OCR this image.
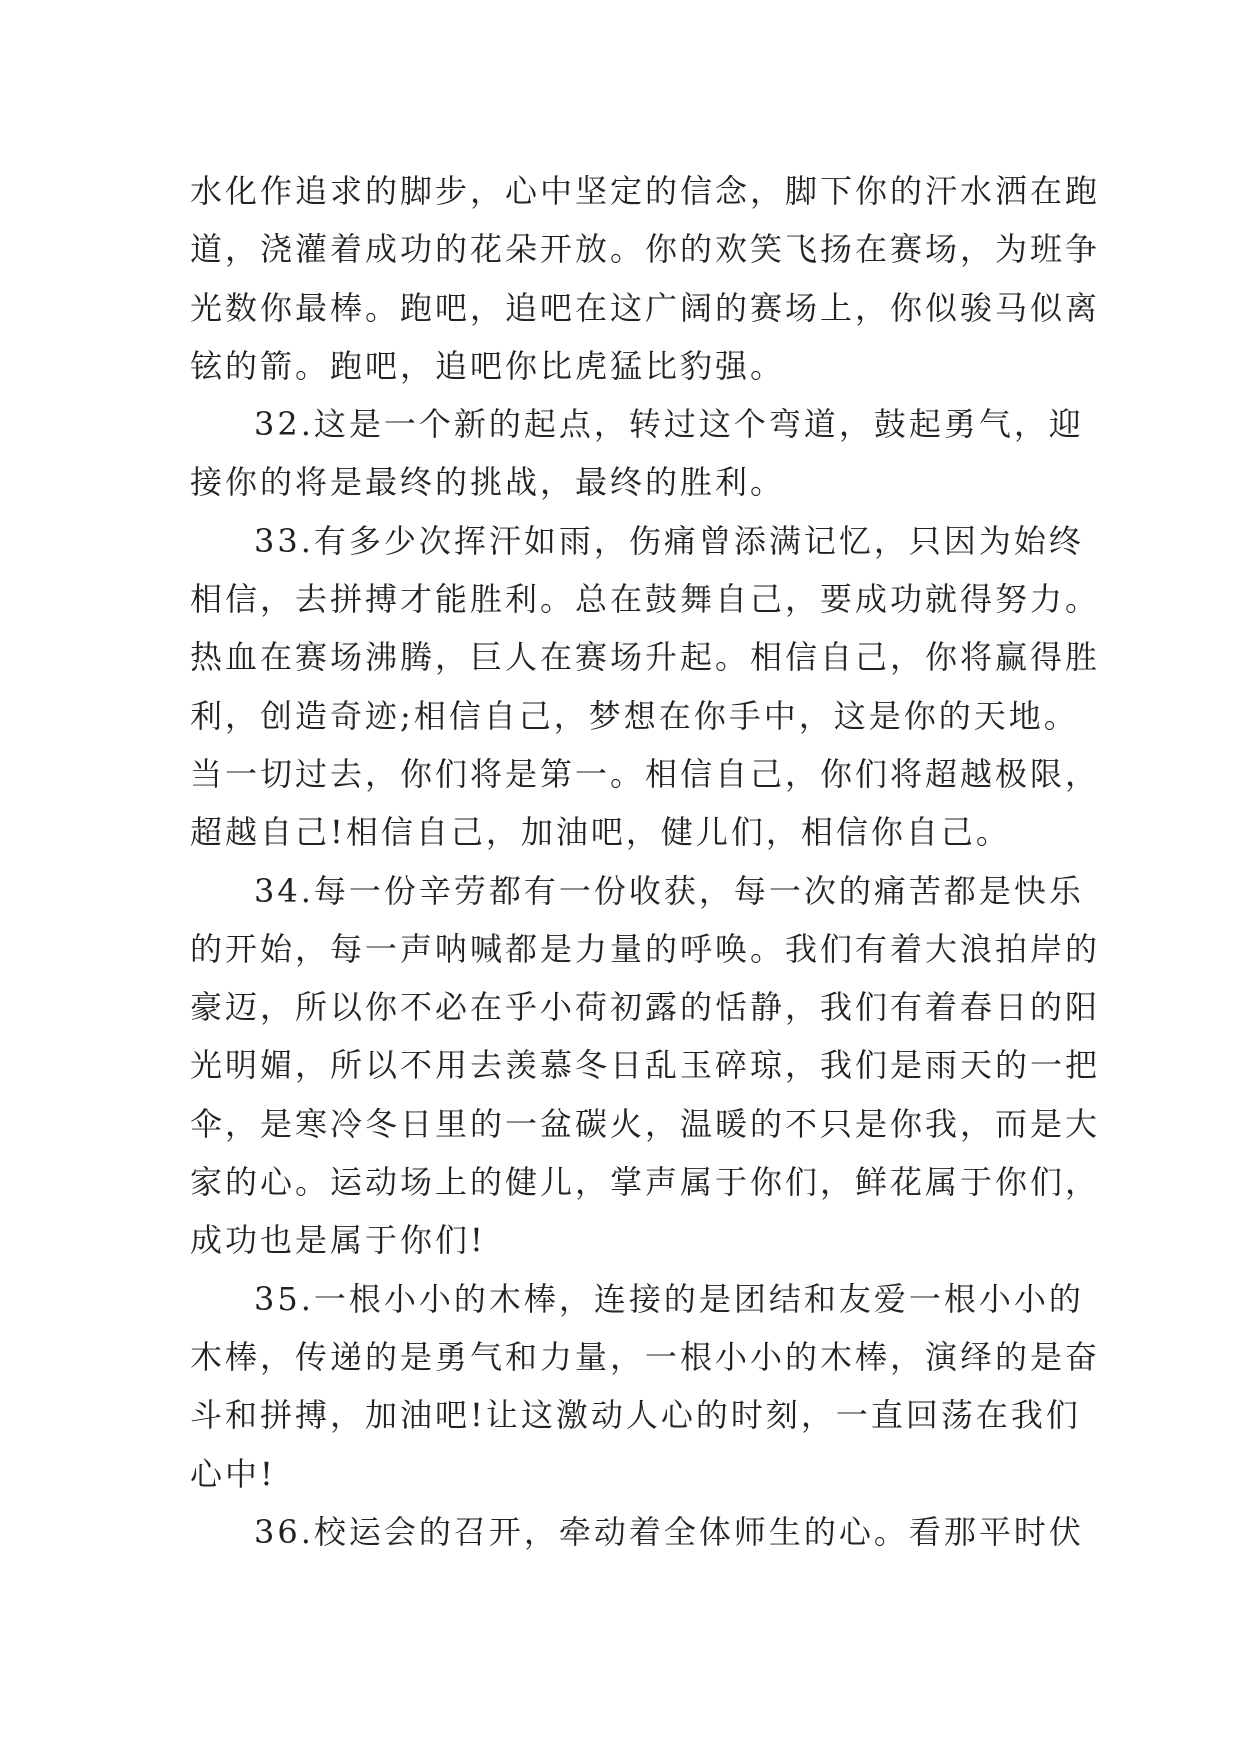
水化作追求的脚步，心中坚定的信念，脚下你的汗水洒在跑
道，浇灌着成功的花朵开放。你的欢笑飞扬在赛场，为班争
光数你最棒。跑吧，追吧在这广阔的赛场上，你似骏马似离
铉的箭。跑吧，追吧你比虎猛比豹强。
32.这是一个新的起点，转过这个弯道，鼓起勇气，迎
接你的将是最终的挑战，最终的胜利。
33.有多少次挥汗如雨，伤痛曾添满记忆，只因为始终
相信，去拼搏才能胜利。总在鼓舞自己，要成功就得努力。
热血在赛场沸腾，巨人在赛场升起。相信自己，你将赢得胜
利，创造奇迹;相信自己，梦想在你手中，这是你的天地。
当一切过去，你们将是第一。相信自己，你们将超越极限，
超越自己!相信自己，加油吧，健儿们，相信你自己。
34.每一份辛劳都有一份收获，每一次的痛苦都是快乐
的开始，每一声呐喊都是力量的呼唤。我们有着大浪拍岸的
豪迈，所以你不必在乎小荷初露的恬静，我们有着春日的阳
光明媚，所以不用去羡慕冬日乱玉碎琼，我们是雨天的一把
伞，是寒冷冬日里的一盆碳火，温暖的不只是你我，而是大
家的心。运动场上的健儿，掌声属于你们，鲜花属于你们，
成功也是属于你们!
35.一根小小的木棒，连接的是团结和友爱一根小小的
木棒，传递的是勇气和力量，一根小小的木棒，演绎的是奋
斗和拼搏，加油吧!让这激动人心的时刻，一直回荡在我们
心中!
36.校运会的召开，牵动着全体师生的心。看那平时伏
